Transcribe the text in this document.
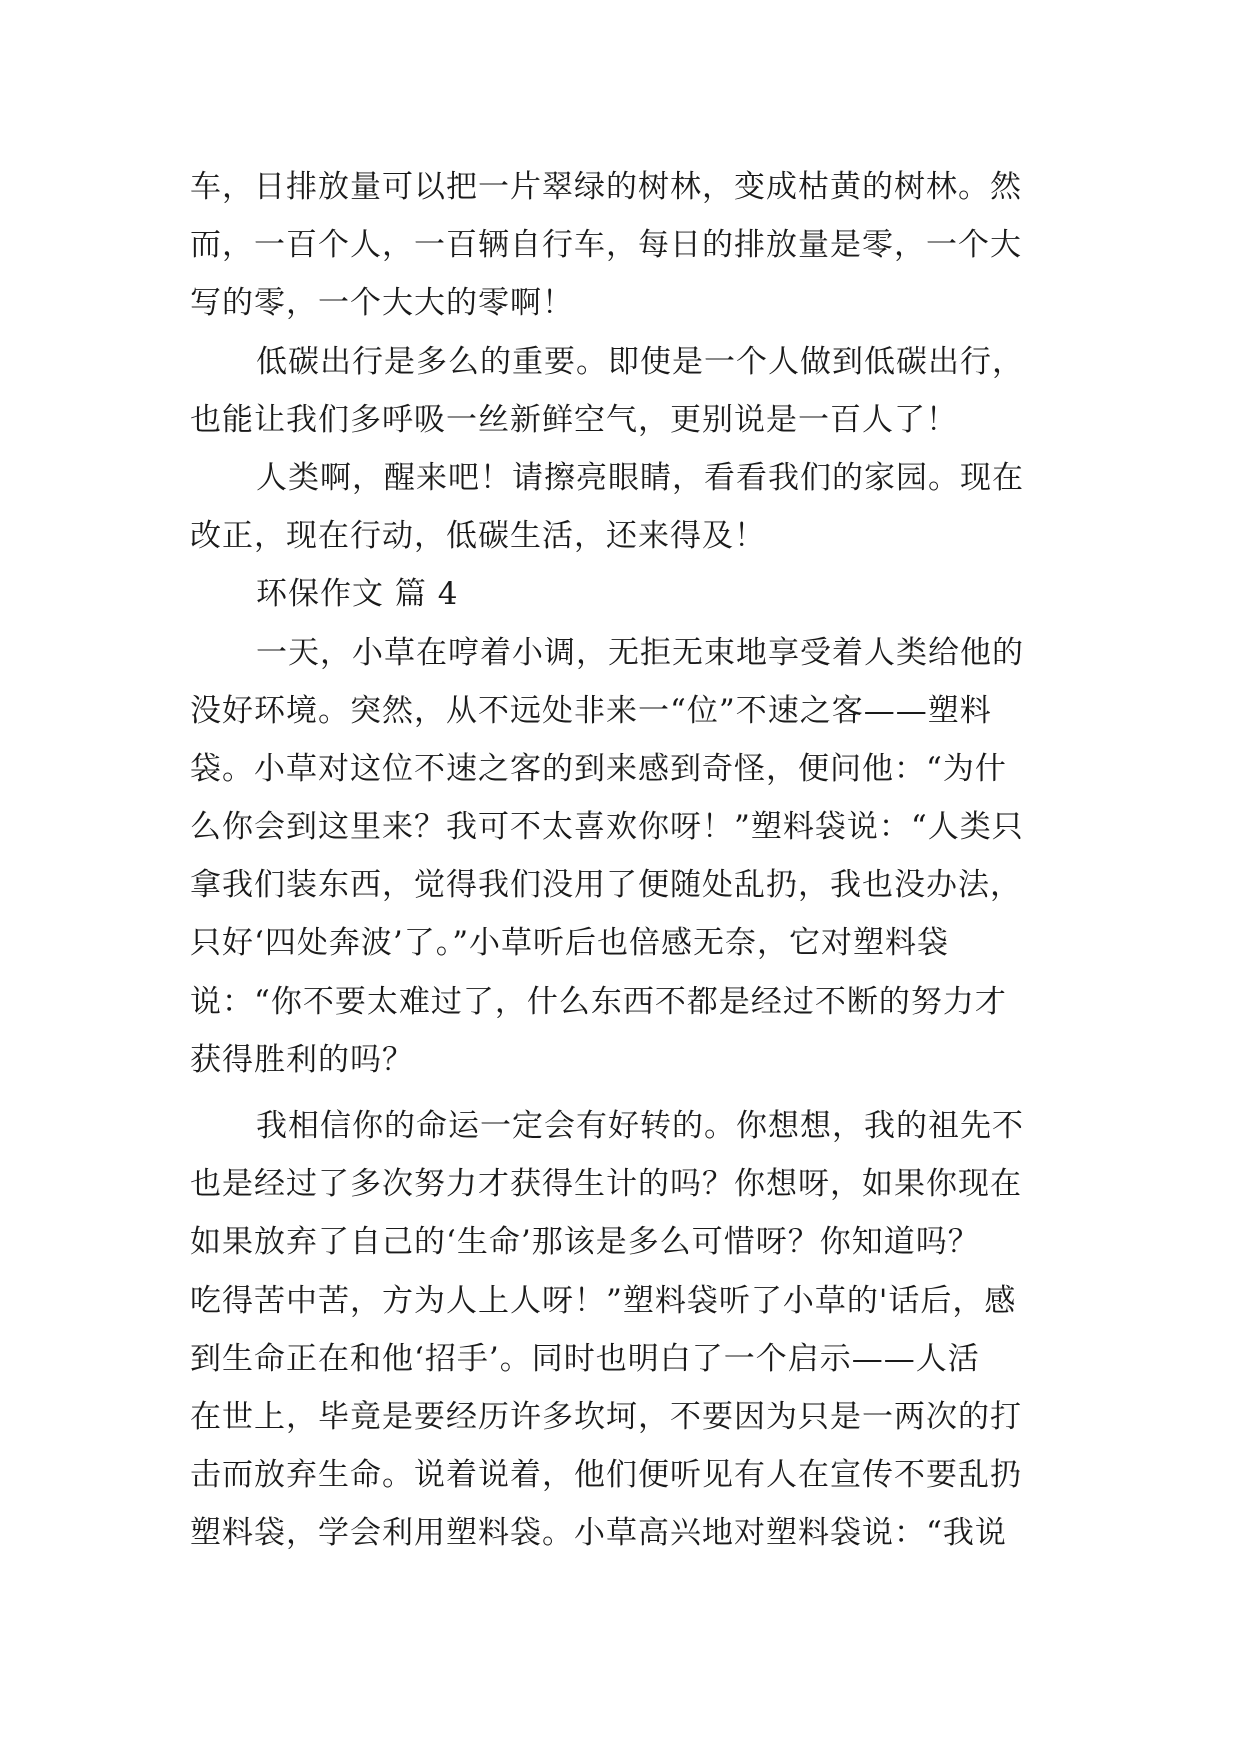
车，日排放量可以把一片翠绿的树林，变成枯黄的树林。然
而，一百个人，一百辆自行车，每日的排放量是零，一个大
写的零，一个大大的零啊！
低碳出行是多么的重要。即使是一个人做到低碳出行，
也能让我们多呼吸一丝新鲜空气，更别说是一百人了！
人类啊，醒来吧！请擦亮眼睛，看看我们的家园。现在
改正，现在行动，低碳生活，还来得及！
环保作文 篇 4
一天，小草在哼着小调，无拒无束地享受着人类给他的
没好环境。突然，从不远处非来一“位”不速之客——塑料
袋。小草对这位不速之客的到来感到奇怪，便问他：“为什
么你会到这里来？我可不太喜欢你呀！”塑料袋说：“人类只
拿我们装东西，觉得我们没用了便随处乱扔，我也没办法，
只好‘四处奔波’了。”小草听后也倍感无奈，它对塑料袋
说：“你不要太难过了，什么东西不都是经过不断的努力才
获得胜利的吗？
我相信你的命运一定会有好转的。你想想，我的祖先不
也是经过了多次努力才获得生计的吗？你想呀，如果你现在
如果放弃了自己的‘生命’那该是多么可惜呀？你知道吗？
吃得苦中苦，方为人上人呀！”塑料袋听了小草的'话后，感
到生命正在和他‘招手’。同时也明白了一个启示——人活
在世上，毕竟是要经历许多坎坷，不要因为只是一两次的打
击而放弃生命。说着说着，他们便听见有人在宣传不要乱扔
塑料袋，学会利用塑料袋。小草高兴地对塑料袋说：“我说
